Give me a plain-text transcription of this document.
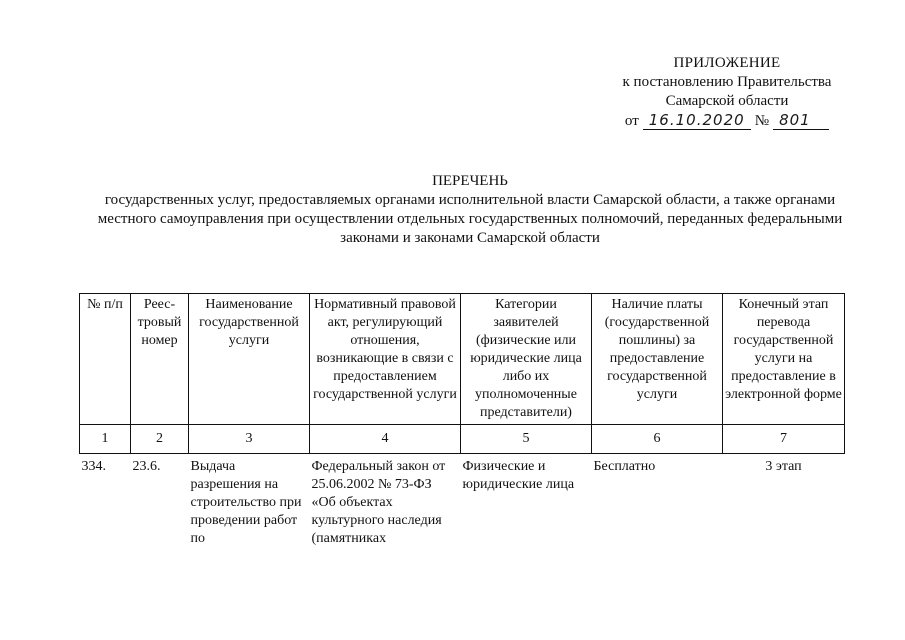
ПРИЛОЖЕНИЕ
к постановлению Правительства
Самарской области
от 16.10.2020 № 801
ПЕРЕЧЕНЬ
государственных услуг, предоставляемых органами исполнительной власти Самарской области, а также органами местного самоуправления при осуществлении отдельных государственных полномочий, переданных федеральными законами и законами Самарской области
№ п/п	Реес-тровый номер	Наименование государственной услуги	Нормативный правовой акт, регулирующий отношения, возникающие в связи с предоставлением государственной услуги	Категории заявителей (физические или юридические лица либо их уполномоченные представители)	Наличие платы (государственной пошлины) за предоставление государственной услуги	Конечный этап перевода государственной услуги на предоставление в электронной форме
1	2	3	4	5	6	7
334.	23.6.	Выдача разрешения на строительство при проведении работ по	Федеральный закон от 25.06.2002 № 73-ФЗ «Об объектах культурного наследия (памятниках	Физические и юридические лица	Бесплатно	3 этап
